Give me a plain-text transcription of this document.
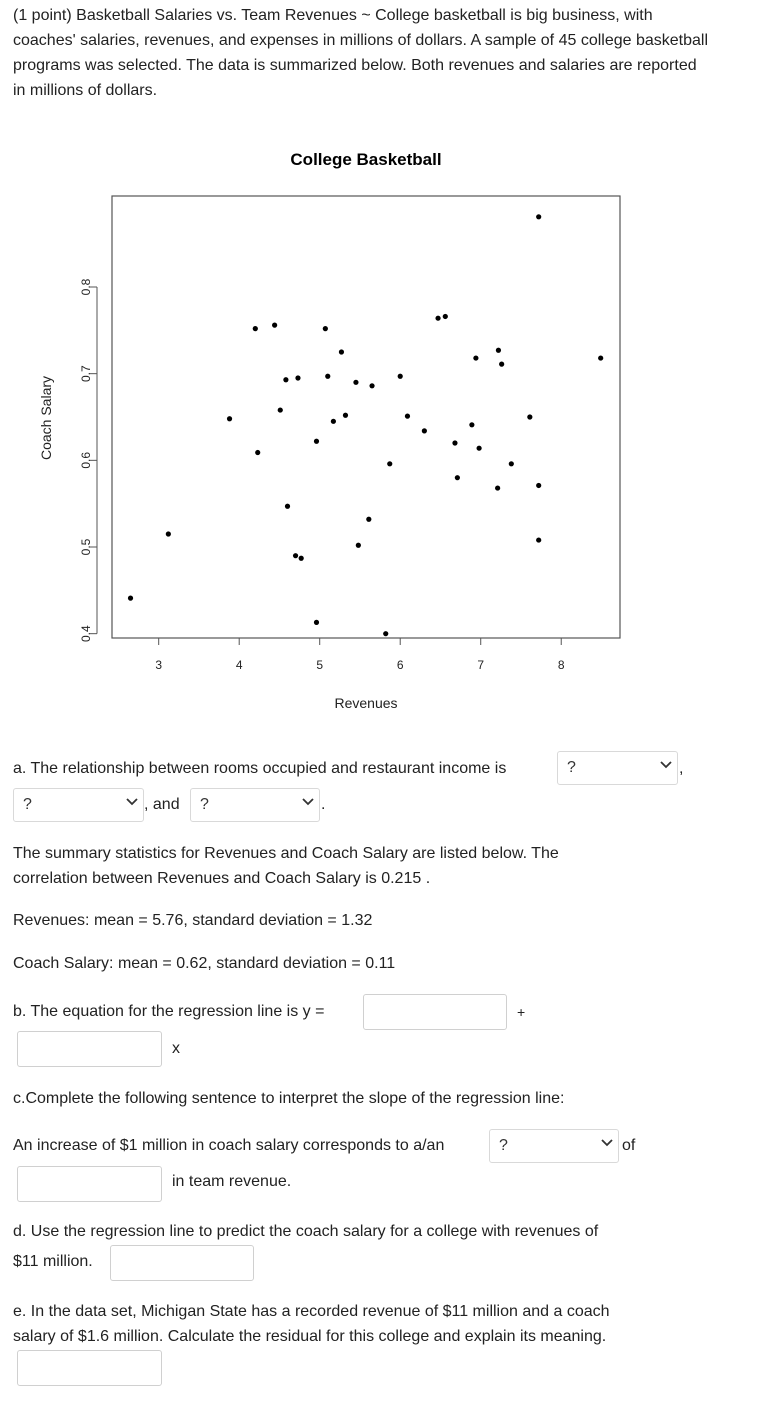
(1 point) Basketball Salaries vs. Team Revenues ~ College basketball is big business, with coaches' salaries, revenues, and expenses in millions of dollars. A sample of 45 college basketball programs was selected. The data is summarized below. Both revenues and salaries are reported in millions of dollars.

College Basketball
3	4	5	6	7	8
0.4
0.5
0.6
0.7
0.8
Revenues
Coach Salary
a. The relationship between rooms occupied and restaurant income is	?	,
?	, and ?	.
The summary statistics for Revenues and Coach Salary are listed below. The
correlation between Revenues and Coach Salary is 0.215 .
Revenues: mean = 5.76, standard deviation = 1.32
Coach Salary: mean = 0.62, standard deviation = 0.11
b. The equation for the regression line is y =	+
x
c.Complete the following sentence to interpret the slope of the regression line:
An increase of $1 million in coach salary corresponds to a/an	?	of
in team revenue.
d. Use the regression line to predict the coach salary for a college with revenues of
$11 million.
e. In the data set, Michigan State has a recorded revenue of $11 million and a coach
salary of $1.6 million. Calculate the residual for this college and explain its meaning.
